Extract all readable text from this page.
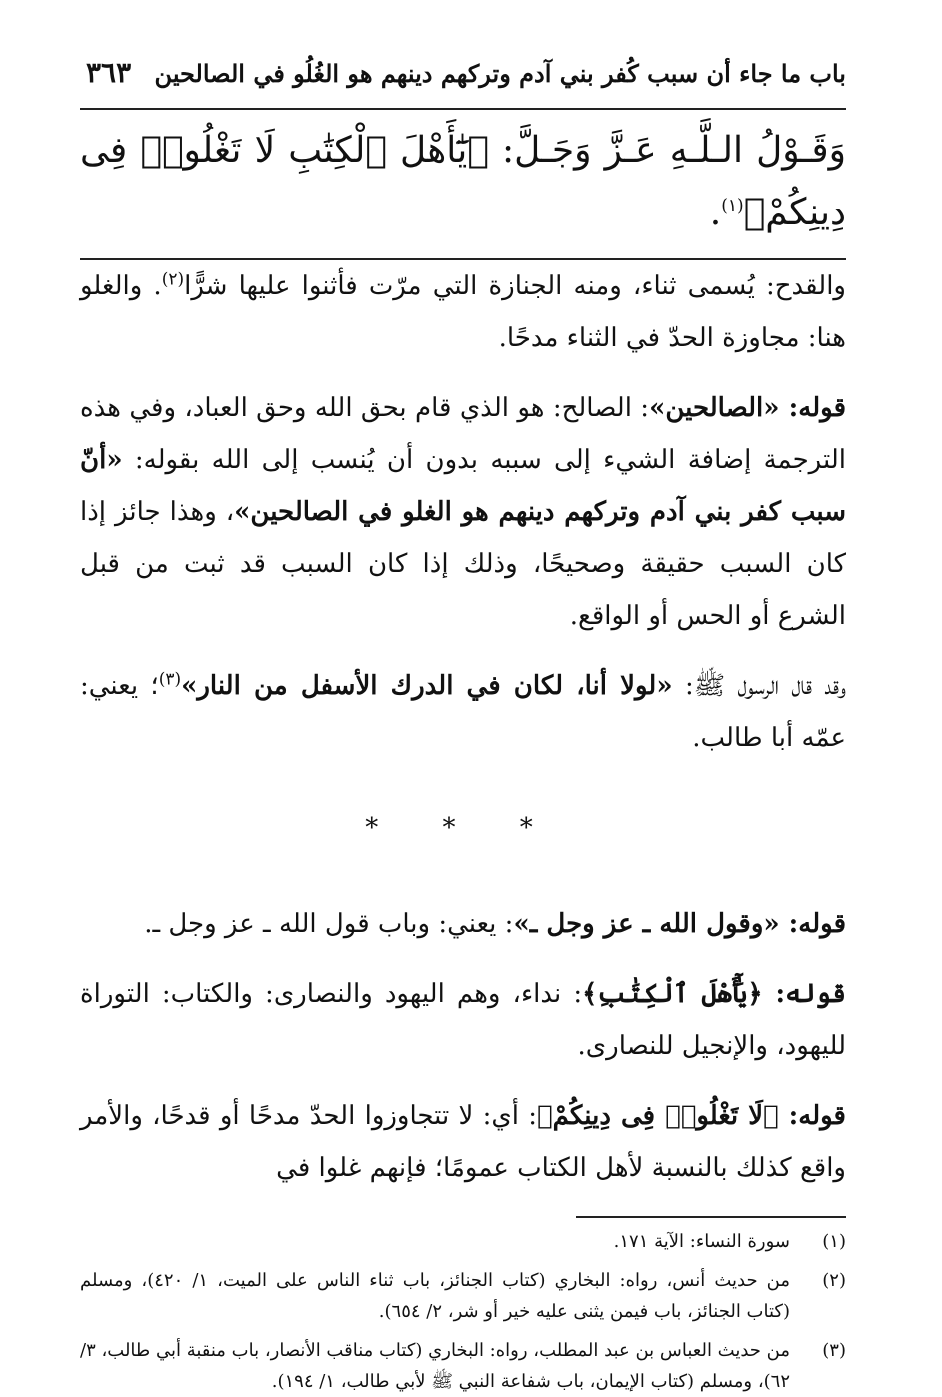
باب ما جاء أن سبب كُفر بني آدم وتركهم دينهم هو الغُلُو في الصالحين
٣٦٣
وَقَـوْلُ الـلَّـهِ عَـزَّ وَجَـلَّ: ﴿يَٰٓأَهْلَ ٱلْكِتَٰبِ لَا تَغْلُوا۟ فِى دِينِكُمْ﴾$^{(١)}$.

والقدح: يُسمى ثناء، ومنه الجنازة التي مرّت فأثنوا عليها شرًّا$^{(٢)}$. والغلو هنا: مجاوزة الحدّ في الثناء مدحًا.

قوله: «الصالحين»: الصالح: هو الذي قام بحق الله وحق العباد، وفي هذه الترجمة إضافة الشيء إلى سببه بدون أن يُنسب إلى الله بقوله: «أنّ سبب كفر بني آدم وتركهم دينهم هو الغلو في الصالحين»، وهذا جائز إذا كان السبب حقيقة وصحيحًا، وذلك إذا كان السبب قد ثبت من قبل الشرع أو الحس أو الواقع.

وقد قال الرسول ﷺ: «لولا أنا، لكان في الدرك الأسفل من النار»$^{(٣)}$؛ يعني: عمّه أبا طالب.

* * *

قوله: «وقول الله ـ عز وجل ـ»: يعني: وباب قول الله ـ عز وجل ـ.

قوله: ﴿يَٰٓأَهْلَ ٱلْكِتَٰبِ﴾: نداء، وهم اليهود والنصارى: والكتاب: التوراة لليهود، والإنجيل للنصارى.

قوله: ﴿لَا تَغْلُوا۟ فِى دِينِكُمْ﴾: أي: لا تتجاوزوا الحدّ مدحًا أو قدحًا، والأمر واقع كذلك بالنسبة لأهل الكتاب عمومًا؛ فإنهم غلوا في

(١)
سورة النساء: الآية ١٧١.
(٢)
من حديث أنس، رواه: البخاري (كتاب الجنائز، باب ثناء الناس على الميت، ١/ ٤٢٠)، ومسلم (كتاب الجنائز، باب فيمن يثنى عليه خير أو شر، ٢/ ٦٥٤).
(٣)
من حديث العباس بن عبد المطلب، رواه: البخاري (كتاب مناقب الأنصار، باب منقبة أبي طالب، ٣/ ٦٢)، ومسلم (كتاب الإيمان، باب شفاعة النبي ﷺ لأبي طالب، ١/ ١٩٤).
